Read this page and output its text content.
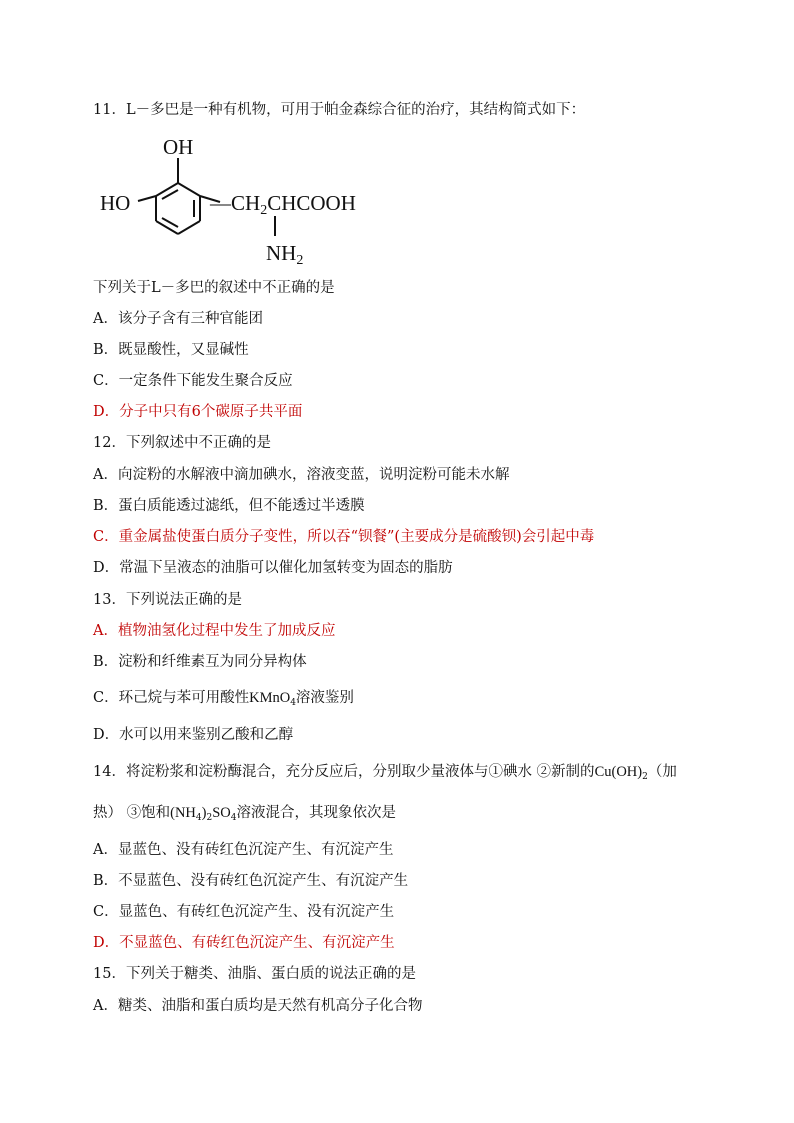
11．L－多巴是一种有机物，可用于帕金森综合征的治疗，其结构简式如下：
OH
HO	—CH2CHCOOH
NH2
下列关于L－多巴的叙述中不正确的是
A．该分子含有三种官能团
B．既显酸性，又显碱性
C．一定条件下能发生聚合反应
D．分子中只有6个碳原子共平面
12．下列叙述中不正确的是
A．向淀粉的水解液中滴加碘水，溶液变蓝，说明淀粉可能未水解
B．蛋白质能透过滤纸，但不能透过半透膜
C．重金属盐使蛋白质分子变性，所以吞“钡餐”(主要成分是硫酸钡)会引起中毒
D．常温下呈液态的油脂可以催化加氢转变为固态的脂肪
13．下列说法正确的是
A．植物油氢化过程中发生了加成反应
B．淀粉和纤维素互为同分异构体
C．环己烷与苯可用酸性KMnO$_4$溶液鉴别
D．水可以用来鉴别乙酸和乙醇
14．将淀粉浆和淀粉酶混合，充分反应后，分别取少量液体与①碘水 ②新制的$Cu(OH)_2$（加
热） ③饱和$(NH_4)_2SO_4$溶液混合，其现象依次是
A．显蓝色、没有砖红色沉淀产生、有沉淀产生
B．不显蓝色、没有砖红色沉淀产生、有沉淀产生
C．显蓝色、有砖红色沉淀产生、没有沉淀产生
D．不显蓝色、有砖红色沉淀产生、有沉淀产生
15．下列关于糖类、油脂、蛋白质的说法正确的是
A．糖类、油脂和蛋白质均是天然有机高分子化合物
